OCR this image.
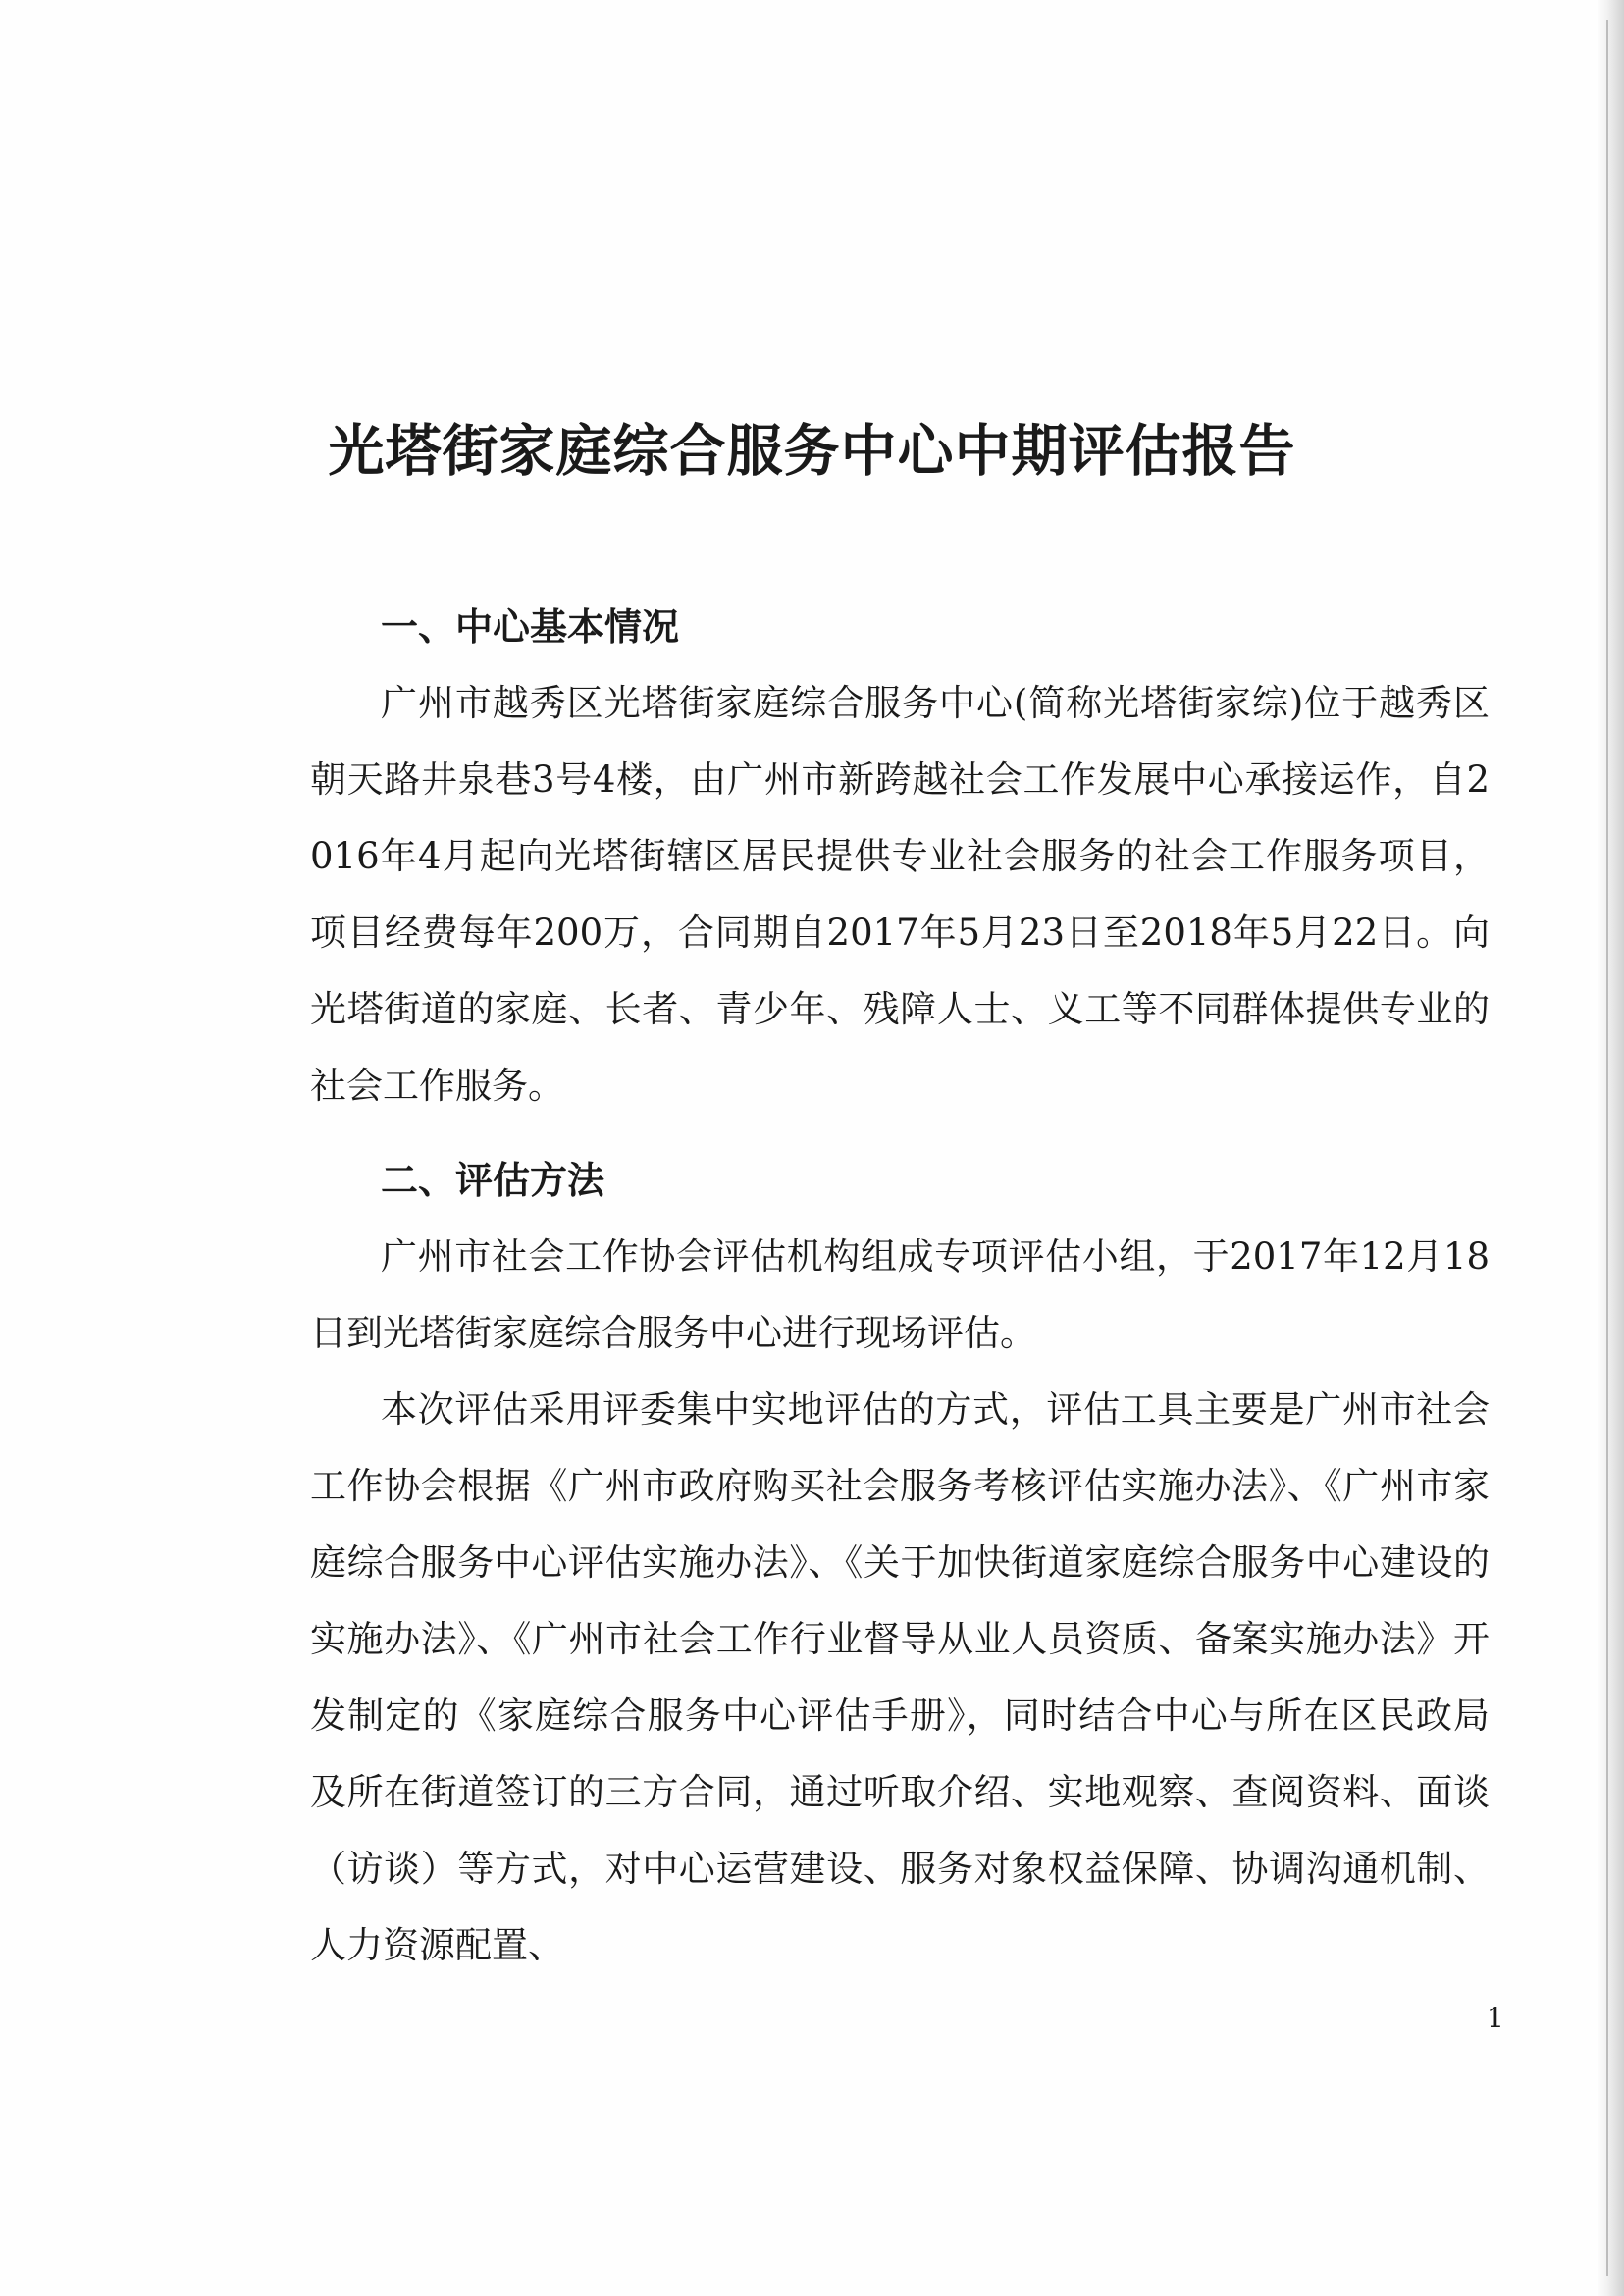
光塔街家庭综合服务中心中期评估报告
一、中心基本情况

广州市越秀区光塔街家庭综合服务中心(简称光塔街家综)位于越秀区朝天路井泉巷3号4楼，由广州市新跨越社会工作发展中心承接运作，自2016年4月起向光塔街辖区居民提供专业社会服务的社会工作服务项目，项目经费每年200万，合同期自2017年5月23日至2018年5月22日。向光塔街道的家庭、长者、青少年、残障人士、义工等不同群体提供专业的社会工作服务。

二、评估方法

广州市社会工作协会评估机构组成专项评估小组，于2017年12月18日到光塔街家庭综合服务中心进行现场评估。

本次评估采用评委集中实地评估的方式，评估工具主要是广州市社会工作协会根据《广州市政府购买社会服务考核评估实施办法》、《广州市家庭综合服务中心评估实施办法》、《关于加快街道家庭综合服务中心建设的实施办法》、《广州市社会工作行业督导从业人员资质、备案实施办法》开发制定的《家庭综合服务中心评估手册》，同时结合中心与所在区民政局及所在街道签订的三方合同，通过听取介绍、实地观察、查阅资料、面谈（访谈）等方式，对中心运营建设、服务对象权益保障、协调沟通机制、人力资源配置、

1
